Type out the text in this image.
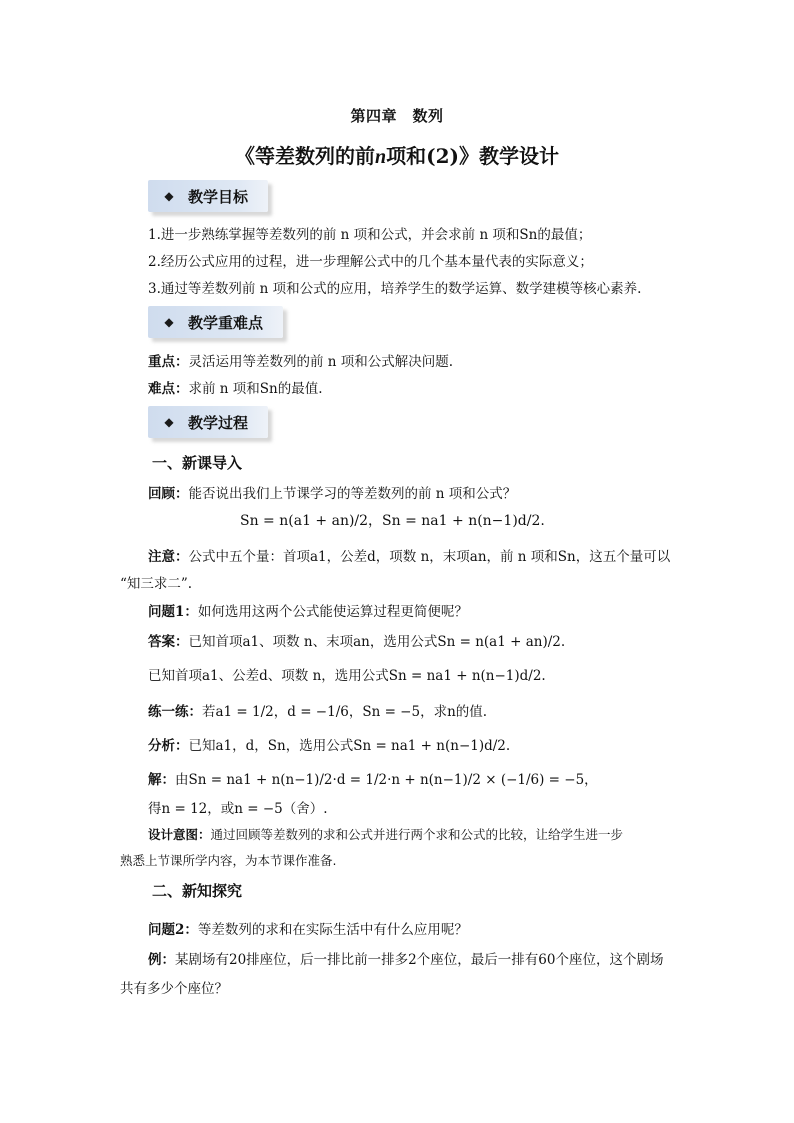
第四章　数列
《等差数列的前n项和(2)》教学设计
◆ 教学目标
1.进一步熟练掌握等差数列的前 n 项和公式，并会求前 n 项和Sn的最值；
2.经历公式应用的过程，进一步理解公式中的几个基本量代表的实际意义；
3.通过等差数列前 n 项和公式的应用，培养学生的数学运算、数学建模等核心素养.
◆ 教学重难点
重点：灵活运用等差数列的前 n 项和公式解决问题.
难点：求前 n 项和Sn的最值.
◆ 教学过程
一、新课导入
回顾：能否说出我们上节课学习的等差数列的前 n 项和公式？
Sn = n(a1 + an)/2，Sn = na1 + n(n−1)d/2.
注意：公式中五个量：首项a1，公差d，项数 n，末项an，前 n 项和Sn，这五个量可以
“知三求二”.
问题1：如何选用这两个公式能使运算过程更简便呢？
答案：已知首项a1、项数 n、末项an，选用公式Sn = n(a1 + an)/2.
已知首项a1、公差d、项数 n，选用公式Sn = na1 + n(n−1)d/2.
练一练：若a1 = 1/2，d = −1/6，Sn = −5，求n的值.
分析：已知a1，d，Sn，选用公式Sn = na1 + n(n−1)d/2.
解：由Sn = na1 + n(n−1)/2·d = 1/2·n + n(n−1)/2 × (−1/6) = −5，
得n = 12，或n = −5（舍）.
设计意图：通过回顾等差数列的求和公式并进行两个求和公式的比较，让给学生进一步
熟悉上节课所学内容，为本节课作准备.
二、新知探究
问题2：等差数列的求和在实际生活中有什么应用呢？
例：某剧场有20排座位，后一排比前一排多2个座位，最后一排有60个座位，这个剧场
共有多少个座位？
